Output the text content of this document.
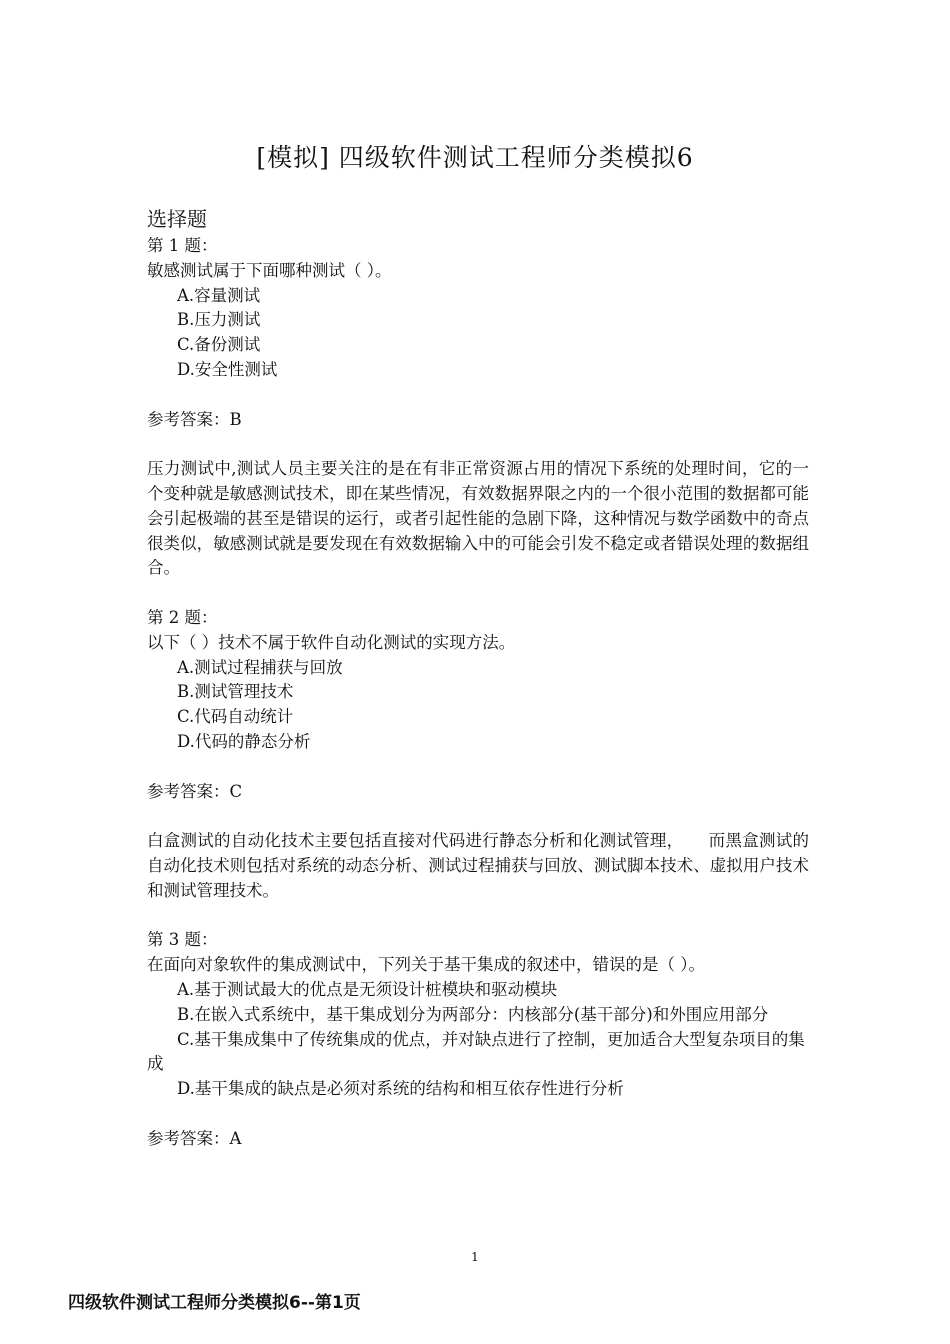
[模拟] 四级软件测试工程师分类模拟6
选择题
第 1 题：
敏感测试属于下面哪种测试（ ）。
A.容量测试
B.压力测试
C.备份测试
D.安全性测试
参考答案：B
压力测试中,测试人员主要关注的是在有非正常资源占用的情况下系统的处理时间，它的一个变种就是敏感测试技术，即在某些情况，有效数据界限之内的一个很小范围的数据都可能会引起极端的甚至是错误的运行，或者引起性能的急剧下降，这种情况与数学函数中的奇点很类似，敏感测试就是要发现在有效数据输入中的可能会引发不稳定或者错误处理的数据组合。
第 2 题：
以下（ ）技术不属于软件自动化测试的实现方法。
A.测试过程捕获与回放
B.测试管理技术
C.代码自动统计
D.代码的静态分析
参考答案：C
白盒测试的自动化技术主要包括直接对代码进行静态分析和化测试管理，　　而黑盒测试的自动化技术则包括对系统的动态分析、测试过程捕获与回放、测试脚本技术、虚拟用户技术和测试管理技术。
第 3 题：
在面向对象软件的集成测试中，下列关于基干集成的叙述中，错误的是（ ）。
A.基于测试最大的优点是无须设计桩模块和驱动模块
B.在嵌入式系统中，基干集成划分为两部分：内核部分(基干部分)和外围应用部分
C.基干集成集中了传统集成的优点，并对缺点进行了控制，更加适合大型复杂项目的集成
D.基干集成的缺点是必须对系统的结构和相互依存性进行分析
参考答案：A
1
四级软件测试工程师分类模拟6--第1页
